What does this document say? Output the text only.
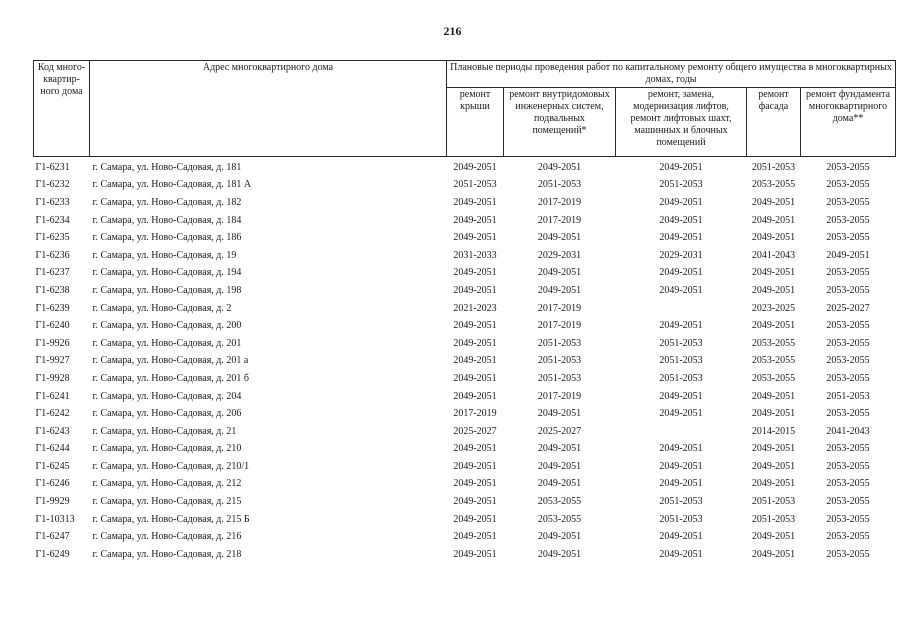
216
Код много-квартир-ного дома	Адрес многоквартирного дома	Плановые периоды проведения работ по капитальному ремонту общего имущества в многоквартирных домах, годы				
		ремонт крыши	ремонт внутридомовых инженерных систем, подвальных помещений*	ремонт, замена, модернизация лифтов, ремонт лифтовых шахт, машинных и блочных помещений	ремонт фасада	ремонт фундамента многоквартирного дома**
Г1-6231	г. Самара, ул. Ново-Садовая, д. 181	2049-2051	2049-2051	2049-2051	2051-2053	2053-2055
Г1-6232	г. Самара, ул. Ново-Садовая, д. 181 А	2051-2053	2051-2053	2051-2053	2053-2055	2053-2055
Г1-6233	г. Самара, ул. Ново-Садовая, д. 182	2049-2051	2017-2019	2049-2051	2049-2051	2053-2055
Г1-6234	г. Самара, ул. Ново-Садовая, д. 184	2049-2051	2017-2019	2049-2051	2049-2051	2053-2055
Г1-6235	г. Самара, ул. Ново-Садовая, д. 186	2049-2051	2049-2051	2049-2051	2049-2051	2053-2055
Г1-6236	г. Самара, ул. Ново-Садовая, д. 19	2031-2033	2029-2031	2029-2031	2041-2043	2049-2051
Г1-6237	г. Самара, ул. Ново-Садовая, д. 194	2049-2051	2049-2051	2049-2051	2049-2051	2053-2055
Г1-6238	г. Самара, ул. Ново-Садовая, д. 198	2049-2051	2049-2051	2049-2051	2049-2051	2053-2055
Г1-6239	г. Самара, ул. Ново-Садовая, д. 2	2021-2023	2017-2019		2023-2025	2025-2027
Г1-6240	г. Самара, ул. Ново-Садовая, д. 200	2049-2051	2017-2019	2049-2051	2049-2051	2053-2055
Г1-9926	г. Самара, ул. Ново-Садовая, д. 201	2049-2051	2051-2053	2051-2053	2053-2055	2053-2055
Г1-9927	г. Самара, ул. Ново-Садовая, д. 201 а	2049-2051	2051-2053	2051-2053	2053-2055	2053-2055
Г1-9928	г. Самара, ул. Ново-Садовая, д. 201 б	2049-2051	2051-2053	2051-2053	2053-2055	2053-2055
Г1-6241	г. Самара, ул. Ново-Садовая, д. 204	2049-2051	2017-2019	2049-2051	2049-2051	2051-2053
Г1-6242	г. Самара, ул. Ново-Садовая, д. 206	2017-2019	2049-2051	2049-2051	2049-2051	2053-2055
Г1-6243	г. Самара, ул. Ново-Садовая, д. 21	2025-2027	2025-2027		2014-2015	2041-2043
Г1-6244	г. Самара, ул. Ново-Садовая, д. 210	2049-2051	2049-2051	2049-2051	2049-2051	2053-2055
Г1-6245	г. Самара, ул. Ново-Садовая, д. 210/1	2049-2051	2049-2051	2049-2051	2049-2051	2053-2055
Г1-6246	г. Самара, ул. Ново-Садовая, д. 212	2049-2051	2049-2051	2049-2051	2049-2051	2053-2055
Г1-9929	г. Самара, ул. Ново-Садовая, д. 215	2049-2051	2053-2055	2051-2053	2051-2053	2053-2055
Г1-10313	г. Самара, ул. Ново-Садовая, д. 215 Б	2049-2051	2053-2055	2051-2053	2051-2053	2053-2055
Г1-6247	г. Самара, ул. Ново-Садовая, д. 216	2049-2051	2049-2051	2049-2051	2049-2051	2053-2055
Г1-6249	г. Самара, ул. Ново-Садовая, д. 218	2049-2051	2049-2051	2049-2051	2049-2051	2053-2055
